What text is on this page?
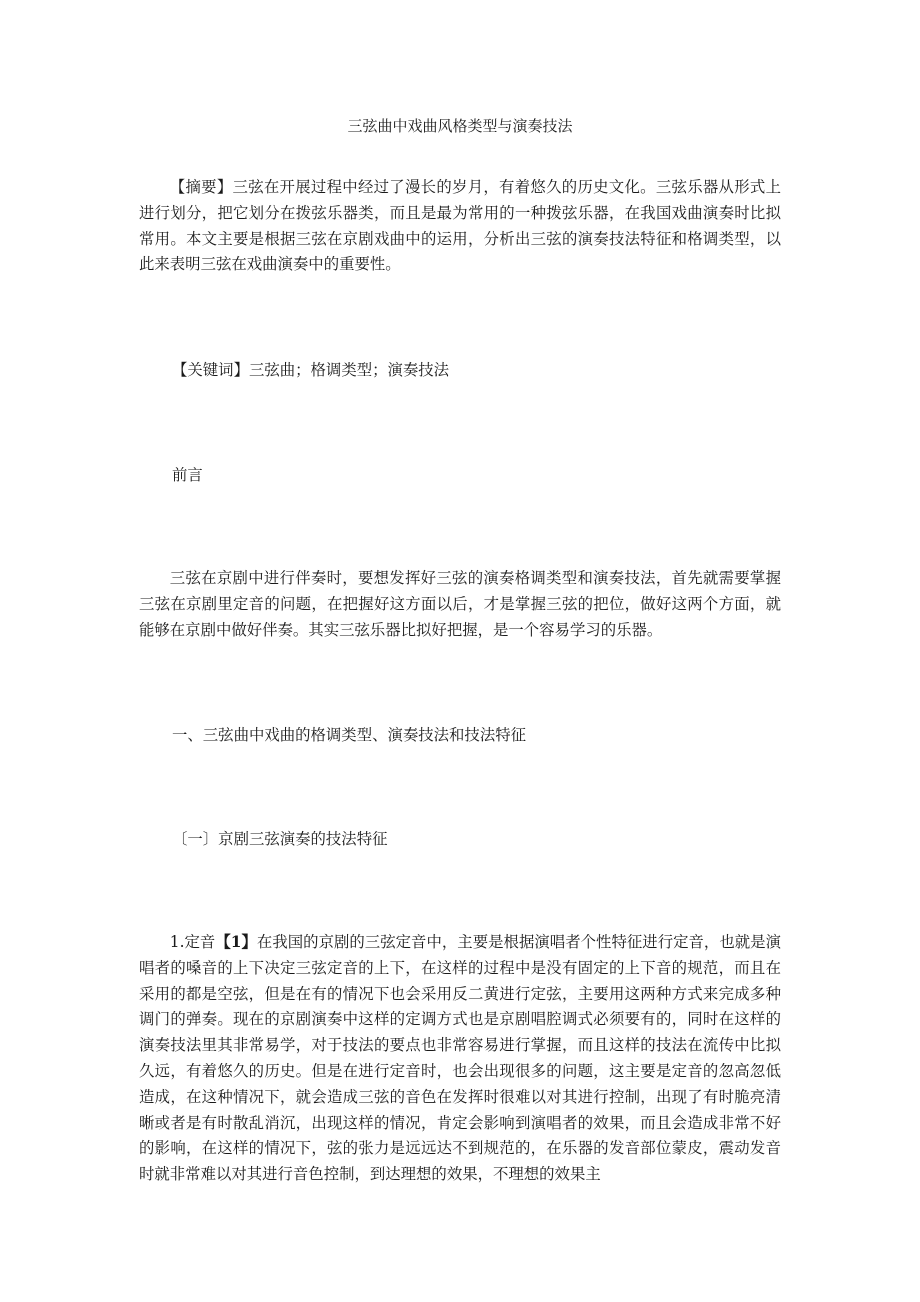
三弦曲中戏曲风格类型与演奏技法

【摘要】三弦在开展过程中经过了漫长的岁月，有着悠久的历史文化。三弦乐器从形式上进行划分，把它划分在拨弦乐器类，而且是最为常用的一种拨弦乐器，在我国戏曲演奏时比拟常用。本文主要是根据三弦在京剧戏曲中的运用，分析出三弦的演奏技法特征和格调类型，以此来表明三弦在戏曲演奏中的重要性。

【关键词】三弦曲；格调类型；演奏技法

前言

三弦在京剧中进行伴奏时，要想发挥好三弦的演奏格调类型和演奏技法，首先就需要掌握三弦在京剧里定音的问题，在把握好这方面以后，才是掌握三弦的把位，做好这两个方面，就能够在京剧中做好伴奏。其实三弦乐器比拟好把握，是一个容易学习的乐器。

一、三弦曲中戏曲的格调类型、演奏技法和技法特征

〔一〕京剧三弦演奏的技法特征

1.定音【1】在我国的京剧的三弦定音中，主要是根据演唱者个性特征进行定音，也就是演唱者的嗓音的上下决定三弦定音的上下，在这样的过程中是没有固定的上下音的规范，而且在采用的都是空弦，但是在有的情况下也会采用反二黄进行定弦，主要用这两种方式来完成多种调门的弹奏。现在的京剧演奏中这样的定调方式也是京剧唱腔调式必须要有的，同时在这样的演奏技法里其非常易学，对于技法的要点也非常容易进行掌握，而且这样的技法在流传中比拟久远，有着悠久的历史。但是在进行定音时，也会出现很多的问题，这主要是定音的忽高忽低造成，在这种情况下，就会造成三弦的音色在发挥时很难以对其进行控制，出现了有时脆亮清晰或者是有时散乱消沉，出现这样的情况，肯定会影响到演唱者的效果，而且会造成非常不好的影响，在这样的情况下，弦的张力是远远达不到规范的，在乐器的发音部位蒙皮，震动发音时就非常难以对其进行音色控制，到达理想的效果，不理想的效果主
